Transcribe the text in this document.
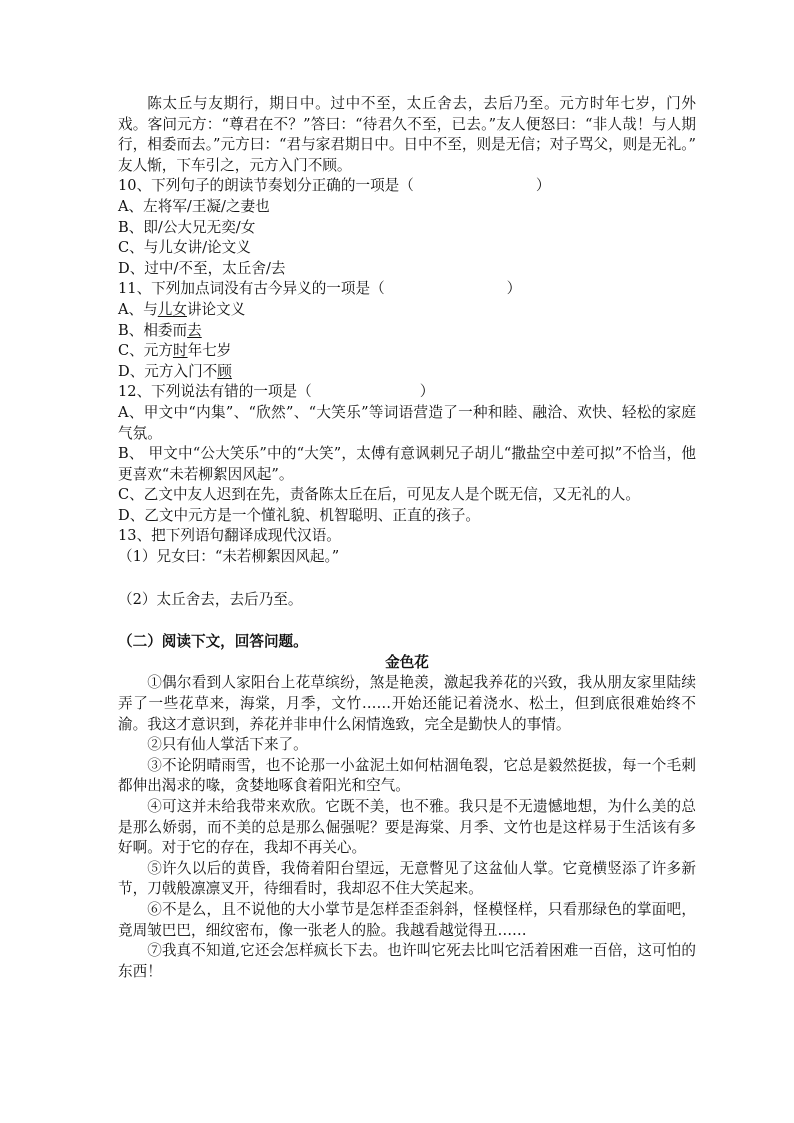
陈太丘与友期行，期日中。过中不至，太丘舍去，去后乃至。元方时年七岁，门外戏。客问元方：“尊君在不？”答曰：“待君久不至，已去。”友人便怒曰：“非人哉！与人期行，相委而去。”元方曰：“君与家君期日中。日中不至，则是无信；对子骂父，则是无礼。” 友人惭，下车引之，元方入门不顾。

10、下列句子的朗读节奏划分正确的一项是（	）

A、左将军/王凝/之妻也

B、即/公大兄无奕/女

C、与儿女讲/论文义

D、过中/不至，太丘舍/去

11、下列加点词没有古今异义的一项是（	）

A、与儿女讲论文义

B、相委而去

C、元方时年七岁

D、元方入门不顾

12、下列说法有错的一项是（	）

A、甲文中“内集”、“欣然”、“大笑乐”等词语营造了一种和睦、融洽、欢快、轻松的家庭气氛。

B、 甲文中“公大笑乐”中的“大笑”，太傅有意讽刺兄子胡儿“撒盐空中差可拟”不恰当，他更喜欢“未若柳絮因风起”。

C、乙文中友人迟到在先，责备陈太丘在后，可见友人是个既无信，又无礼的人。

D、乙文中元方是一个懂礼貌、机智聪明、正直的孩子。

13、把下列语句翻译成现代汉语。

（1）兄女曰：“未若柳絮因风起。”

（2）太丘舍去，去后乃至。

（二）阅读下文，回答问题。

金色花

①偶尔看到人家阳台上花草缤纷，煞是艳羡，激起我养花的兴致，我从朋友家里陆续弄了一些花草来，海棠，月季，文竹……开始还能记着浇水、松土，但到底很难始终不渝。我这才意识到，养花并非申什么闲情逸致，完全是勤快人的事情。

②只有仙人掌活下来了。

③不论阴晴雨雪，也不论那一小盆泥土如何枯涸龟裂，它总是毅然挺拔，每一个毛刺都伸出渴求的喙，贪婪地啄食着阳光和空气。

④可这并未给我带来欢欣。它既不美，也不雅。我只是不无遗憾地想，为什么美的总是那么娇弱，而不美的总是那么倔强呢？要是海棠、月季、文竹也是这样易于生活该有多好啊。对于它的存在，我却不再关心。

⑤许久以后的黄昏，我倚着阳台望远，无意瞥见了这盆仙人掌。它竟横竖添了许多新节，刀戟般凛凛叉开，待细看时，我却忍不住大笑起来。

⑥不是么，且不说他的大小掌节是怎样歪歪斜斜，怪模怪样，只看那绿色的掌面吧，竟周皱巴巴，细纹密布，像一张老人的脸。我越看越觉得丑……

⑦我真不知道,它还会怎样疯长下去。也许叫它死去比叫它活着困难一百倍，这可怕的东西！
